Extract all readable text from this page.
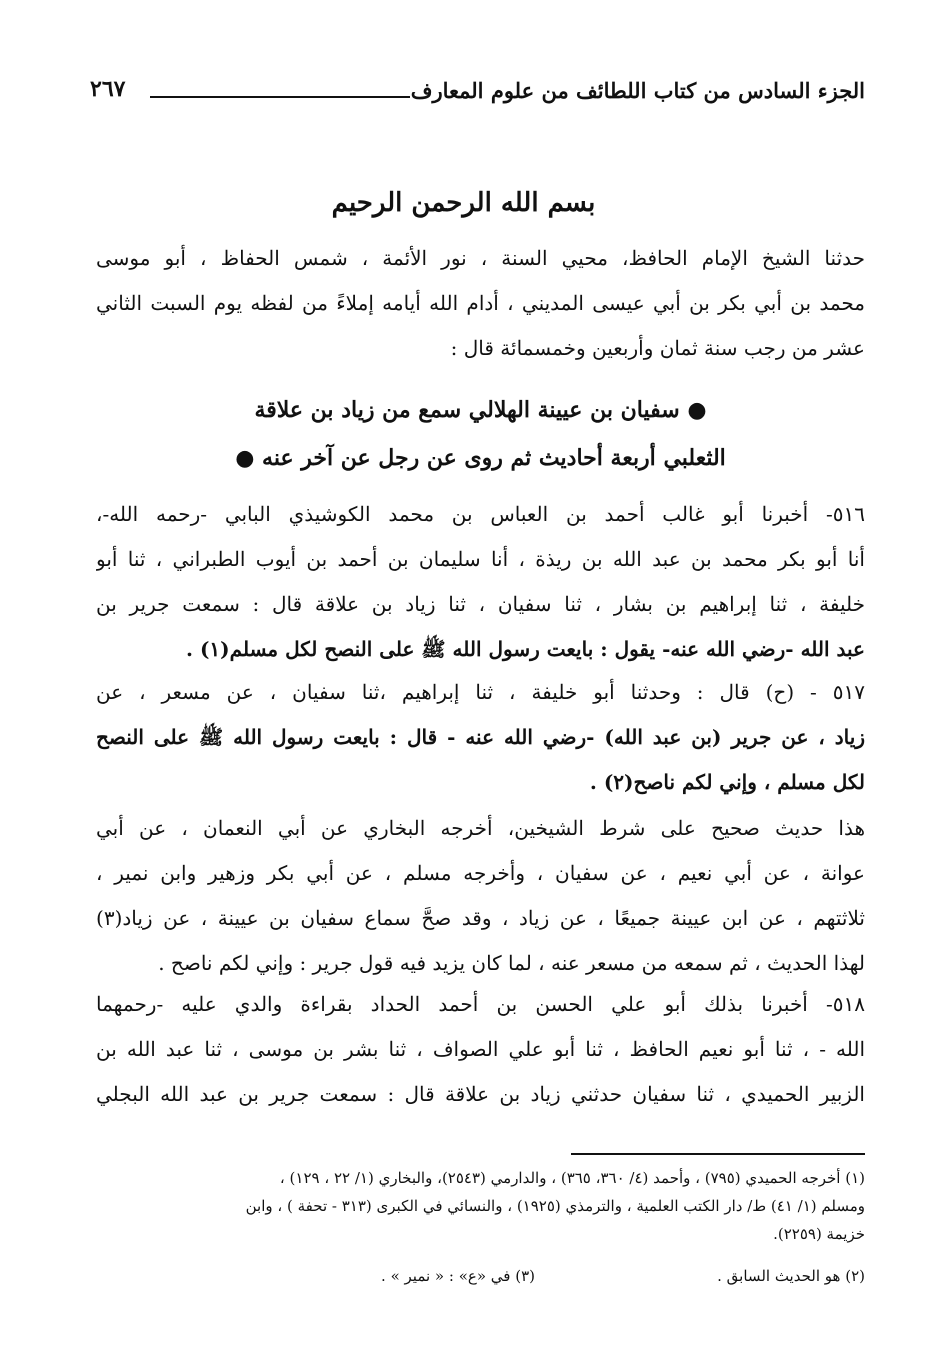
الجزء السادس من كتاب اللطائف من علوم المعارف
٢٦٧
بسم الله الرحمن الرحيم
حدثنا الشيخ الإمام الحافظ، محيي السنة ، نور الأئمة ، شمس الحفاظ ، أبو موسى
محمد بن أبي بكر بن أبي عيسى المديني ، أدام الله أيامه إملاءً من لفظه يوم السبت الثاني
عشر من رجب سنة ثمان وأربعين وخمسمائة قال :
● سفيان بن عيينة الهلالي سمع من زياد بن علاقة
الثعلبي أربعة أحاديث ثم روى عن رجل عن آخر عنه ●
٥١٦- أخبرنا أبو غالب أحمد بن العباس بن محمد الكوشيذي البابي -رحمه الله-،
أنا أبو بكر محمد بن عبد الله بن ريذة ، أنا سليمان بن أحمد بن أيوب الطبراني ، ثنا أبو
خليفة ، ثنا إبراهيم بن بشار ، ثنا سفيان ، ثنا زياد بن علاقة قال : سمعت جرير بن
عبد الله -رضي الله عنه- يقول : بايعت رسول الله ﷺ على النصح لكل مسلم(١) .
٥١٧ - (ح) قال : وحدثنا أبو خليفة ، ثنا إبراهيم ،ثنا سفيان ، عن مسعر ، عن
زياد ، عن جرير (بن عبد الله) -رضي الله عنه - قال : بايعت رسول الله ﷺ على النصح
لكل مسلم ، وإني لكم ناصح(٢) .
هذا حديث صحيح على شرط الشيخين، أخرجه البخاري عن أبي النعمان ، عن أبي
عوانة ، عن أبي نعيم ، عن سفيان ، وأخرجه مسلم ، عن أبي بكر وزهير وابن نمير ،
ثلاثتهم ، عن ابن عيينة جميعًا ، عن زياد ، وقد صحَّ سماع سفيان بن عيينة ، عن زياد(٣)
لهذا الحديث ، ثم سمعه من مسعر عنه ، لما كان يزيد فيه قول جرير : وإني لكم ناصح .
٥١٨- أخبرنا بذلك أبو علي الحسن بن أحمد الحداد بقراءة والدي عليه -رحمهما
الله - ، ثنا أبو نعيم الحافظ ، ثنا أبو علي الصواف ، ثنا بشر بن موسى ، ثنا عبد الله بن
الزبير الحميدي ، ثنا سفيان حدثني زياد بن علاقة قال : سمعت جرير بن عبد الله البجلي
(١) أخرجه الحميدي (٧٩٥) ، وأحمد (٤/ ٣٦٠، ٣٦٥) ، والدارمي (٢٥٤٣)، والبخاري (١/ ٢٢ ، ١٢٩) ،
ومسلم (١/ ٤١) ط/ دار الكتب العلمية ، والترمذي (١٩٢٥) ، والنسائي في الكبرى (٣١٣ - تحفة ) ، وابن
خزيمة (٢٢٥٩).
(٢) هو الحديث السابق .
(٣) في «ع» : « نمير » .
